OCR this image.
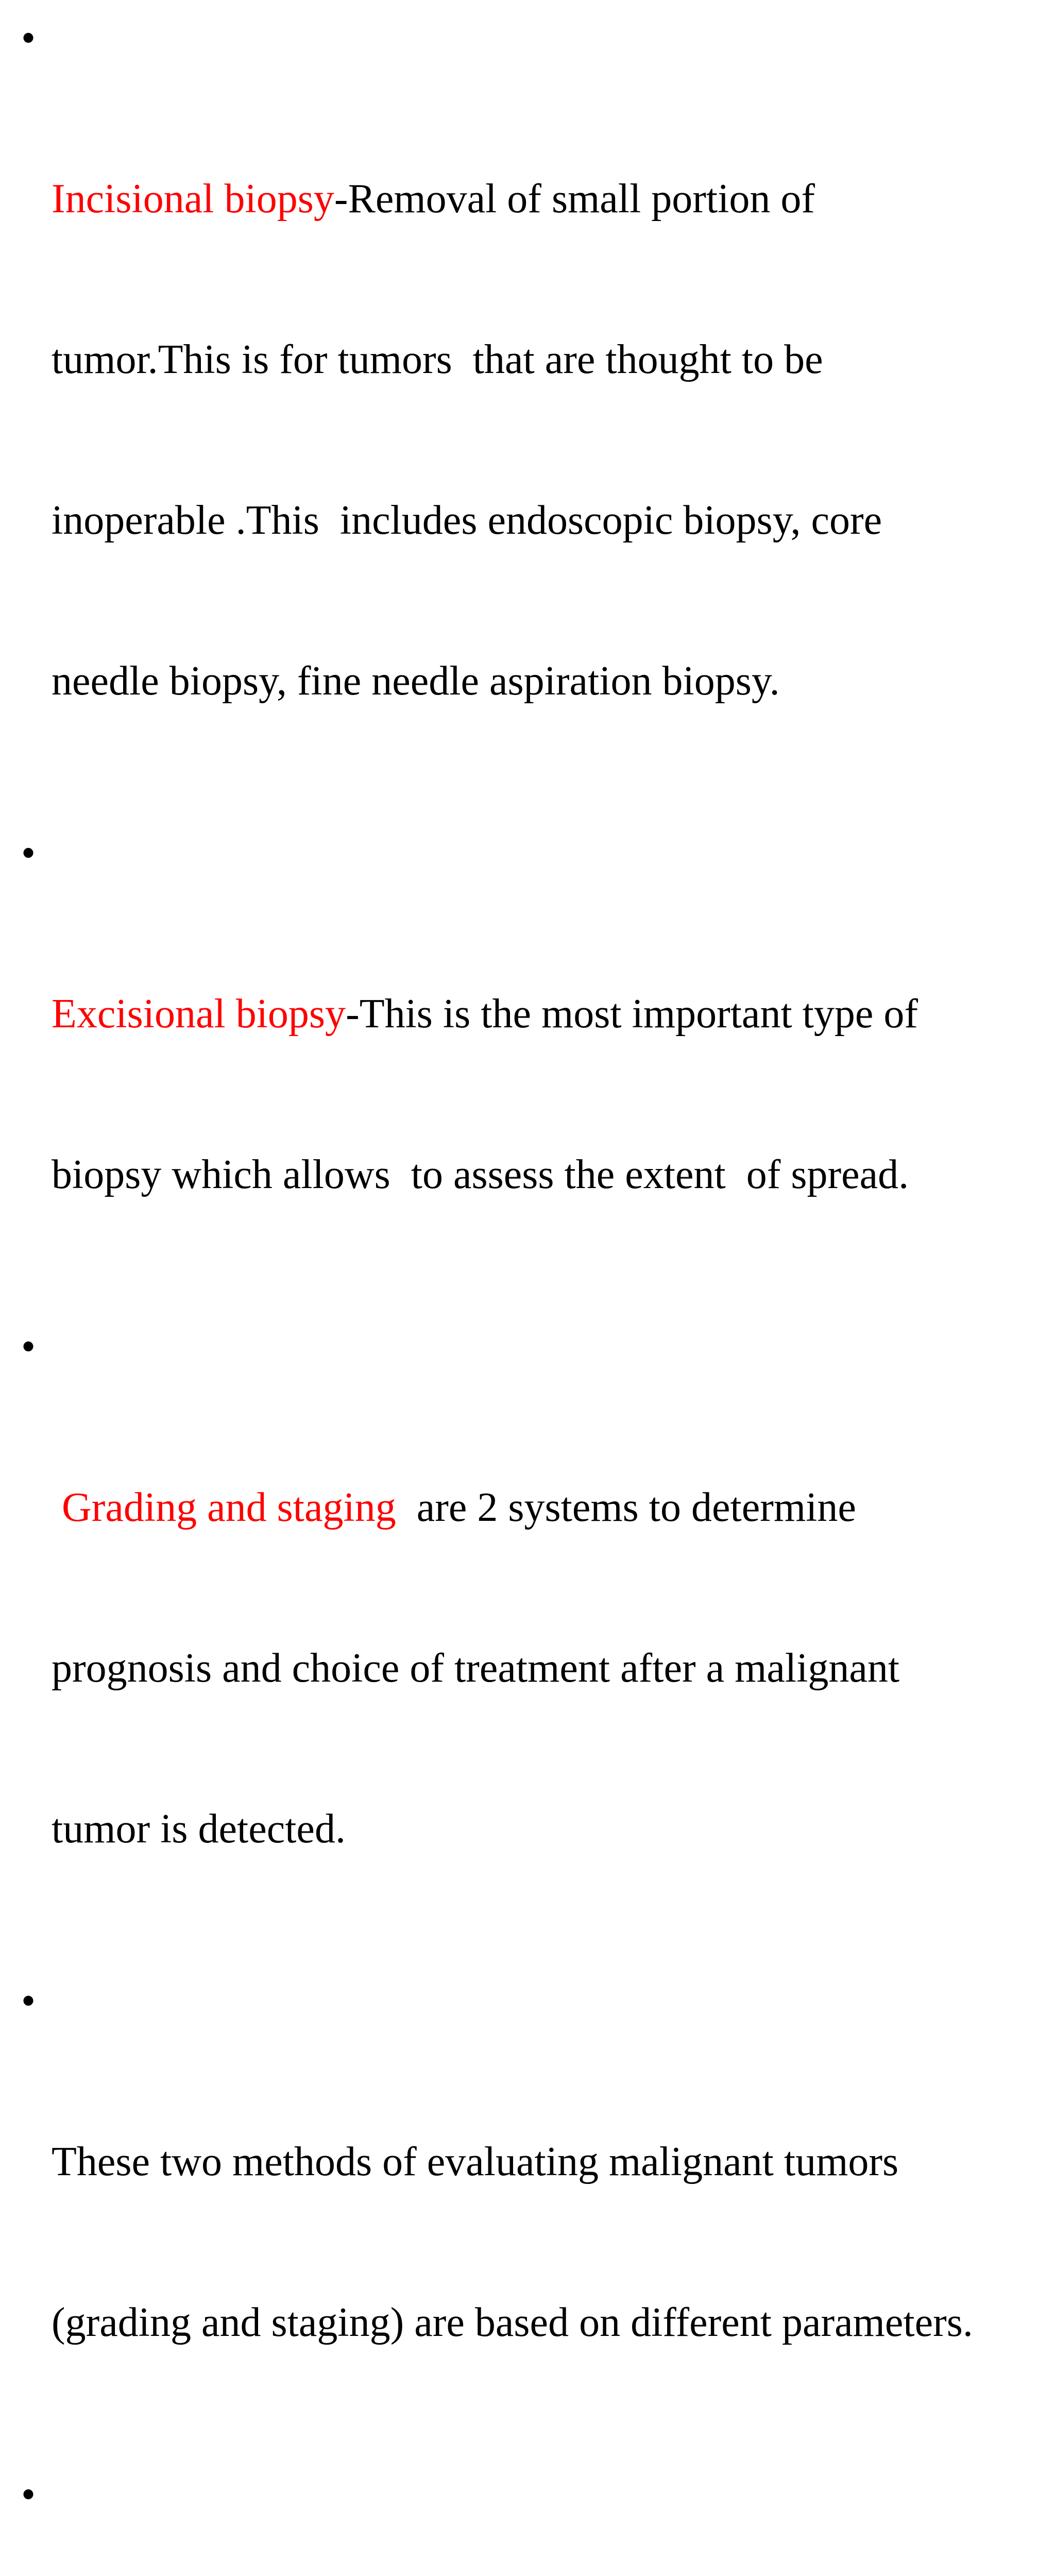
•

Incisional biopsy-Removal of small portion of

tumor.This is for tumors  that are thought to be

inoperable .This  includes endoscopic biopsy, core

needle biopsy, fine needle aspiration biopsy.

•

Excisional biopsy-This is the most important type of

biopsy which allows  to assess the extent  of spread.

•

Grading and staging  are 2 systems to determine

prognosis and choice of treatment after a malignant

tumor is detected.

•

These two methods of evaluating malignant tumors

(grading and staging) are based on different parameters.

•
